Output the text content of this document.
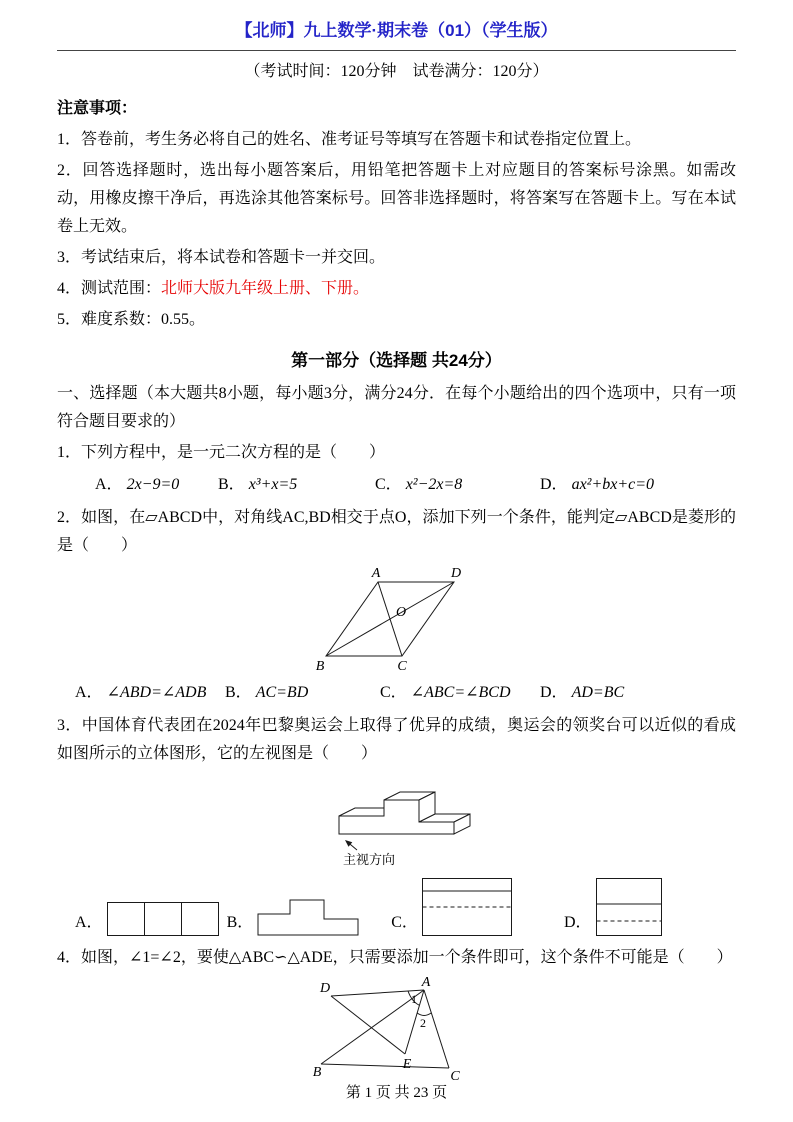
【北师】九上数学·期末卷（01）（学生版）
（考试时间：120分钟　试卷满分：120分）
注意事项：

1．答卷前，考生务必将自己的姓名、准考证号等填写在答题卡和试卷指定位置上。

2．回答选择题时，选出每小题答案后，用铅笔把答题卡上对应题目的答案标号涂黑。如需改动，用橡皮擦干净后，再选涂其他答案标号。回答非选择题时，将答案写在答题卡上。写在本试卷上无效。

3．考试结束后，将本试卷和答题卡一并交回。

4．测试范围：北师大版九年级上册、下册。

5．难度系数：0.55。

第一部分（选择题 共24分）

一、选择题（本大题共8小题，每小题3分，满分24分．在每个小题给出的四个选项中，只有一项符合题目要求的）

1．下列方程中，是一元二次方程的是（　　）

A． 2x−9=0	B． x³+x=5	C． x²−2x=8	D． ax²+bx+c=0

2．如图，在▱ABCD中，对角线AC,BD相交于点O，添加下列一个条件，能判定▱ABCD是菱形的是（　　）

A	D
B	C
O
A． ∠ABD=∠ADB	B． AC=BD	C． ∠ABC=∠BCD	D． AD=BC

3．中国体育代表团在2024年巴黎奥运会上取得了优异的成绩，奥运会的领奖台可以近似的看成如图所示的立体图形，它的左视图是（　　）

主视方向
A．	B．	C．	D．

4．如图，∠1=∠2，要使△ABC∽△ADE，只需要添加一个条件即可，这个条件不可能是（　　）

D	A
B
E
C
1
2
第 1 页 共 23 页
